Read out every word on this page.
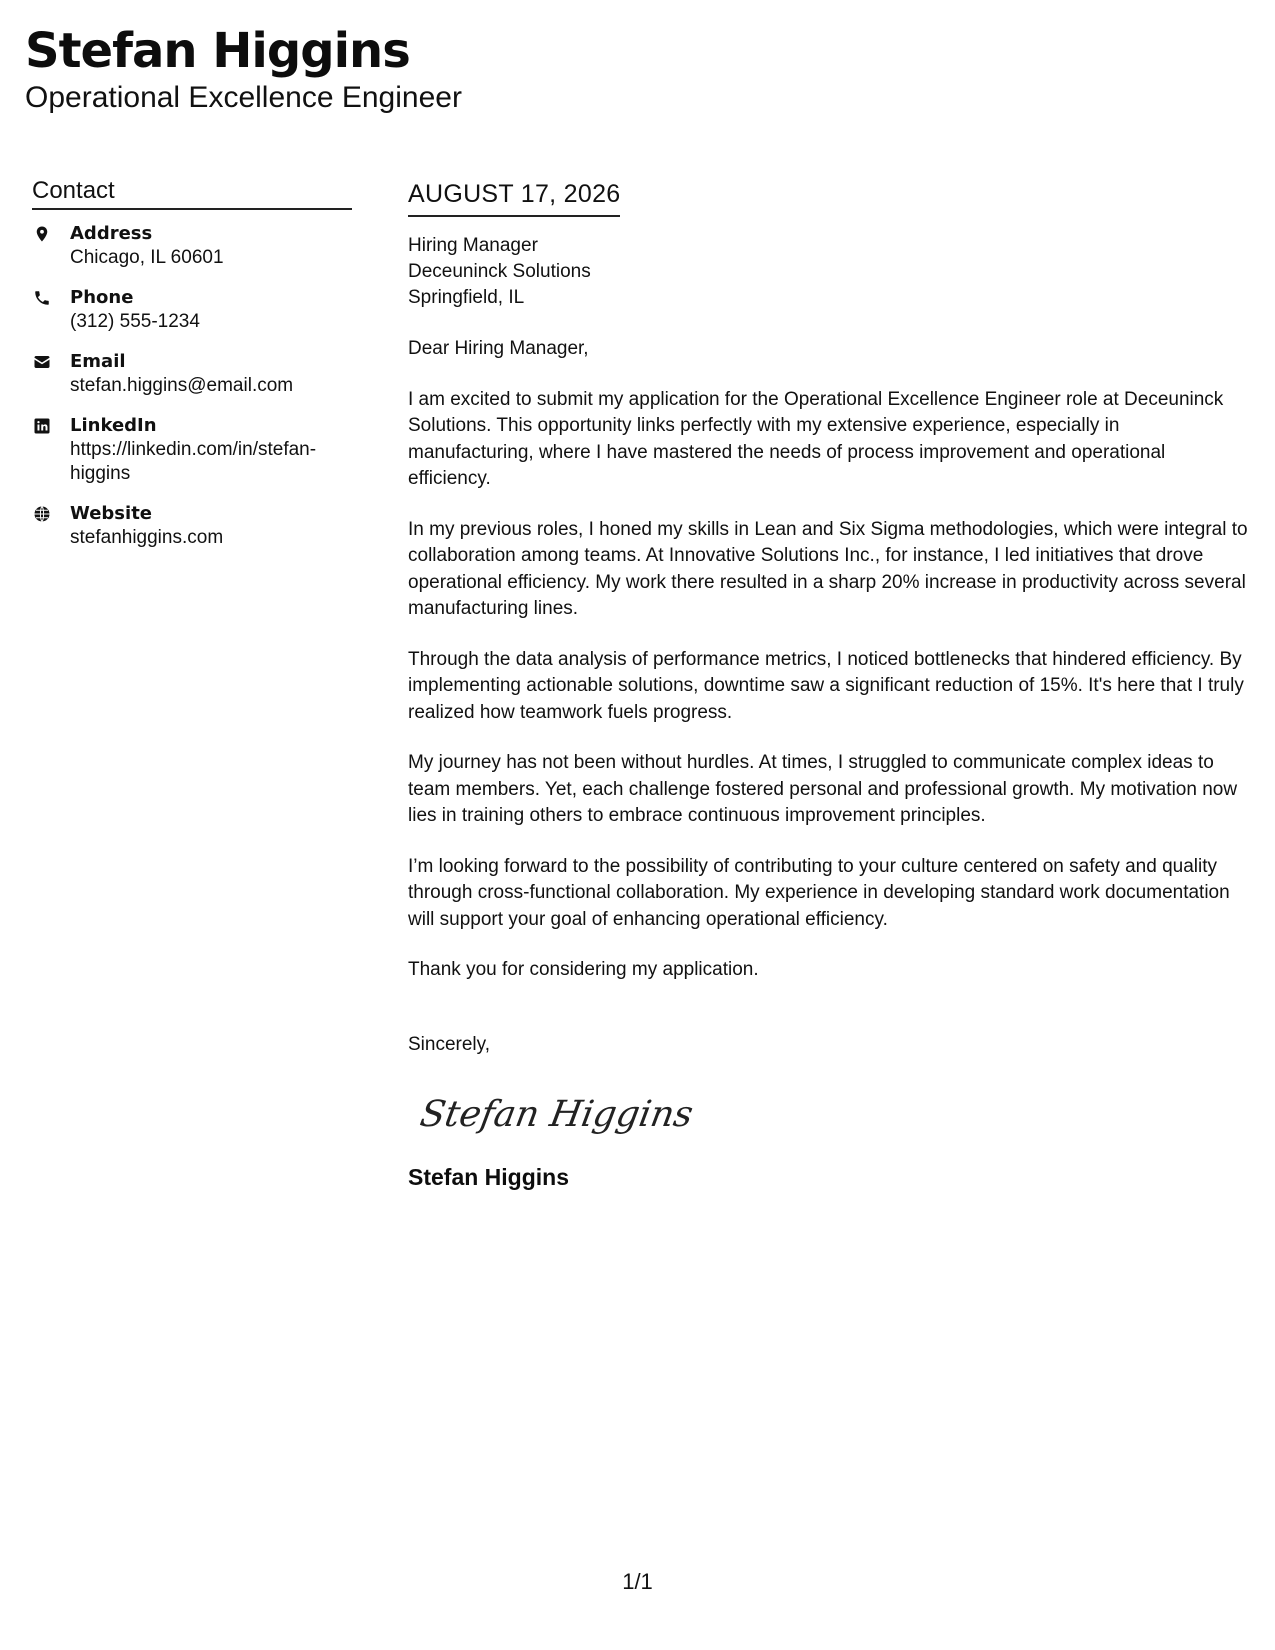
Stefan Higgins
Operational Excellence Engineer
Contact
Address
Chicago, IL 60601
Phone
(312) 555-1234
Email
stefan.higgins@email.com
LinkedIn
https://linkedin.com/in/stefan-higgins
Website
stefanhiggins.com
AUGUST 17, 2026
Hiring Manager
Deceuninck Solutions
Springfield, IL

Dear Hiring Manager,

I am excited to submit my application for the Operational Excellence Engineer role at Deceuninck Solutions. This opportunity links perfectly with my extensive experience, especially in manufacturing, where I have mastered the needs of process improvement and operational efficiency.

In my previous roles, I honed my skills in Lean and Six Sigma methodologies, which were integral to collaboration among teams. At Innovative Solutions Inc., for instance, I led initiatives that drove operational efficiency. My work there resulted in a sharp 20% increase in productivity across several manufacturing lines.

Through the data analysis of performance metrics, I noticed bottlenecks that hindered efficiency. By implementing actionable solutions, downtime saw a significant reduction of 15%. It's here that I truly realized how teamwork fuels progress.

My journey has not been without hurdles. At times, I struggled to communicate complex ideas to team members. Yet, each challenge fostered personal and professional growth. My motivation now lies in training others to embrace continuous improvement principles.

I’m looking forward to the possibility of contributing to your culture centered on safety and quality through cross-functional collaboration. My experience in developing standard work documentation will support your goal of enhancing operational efficiency.

Thank you for considering my application.

Sincerely,

Stefan Higgins
Stefan Higgins
1/1
